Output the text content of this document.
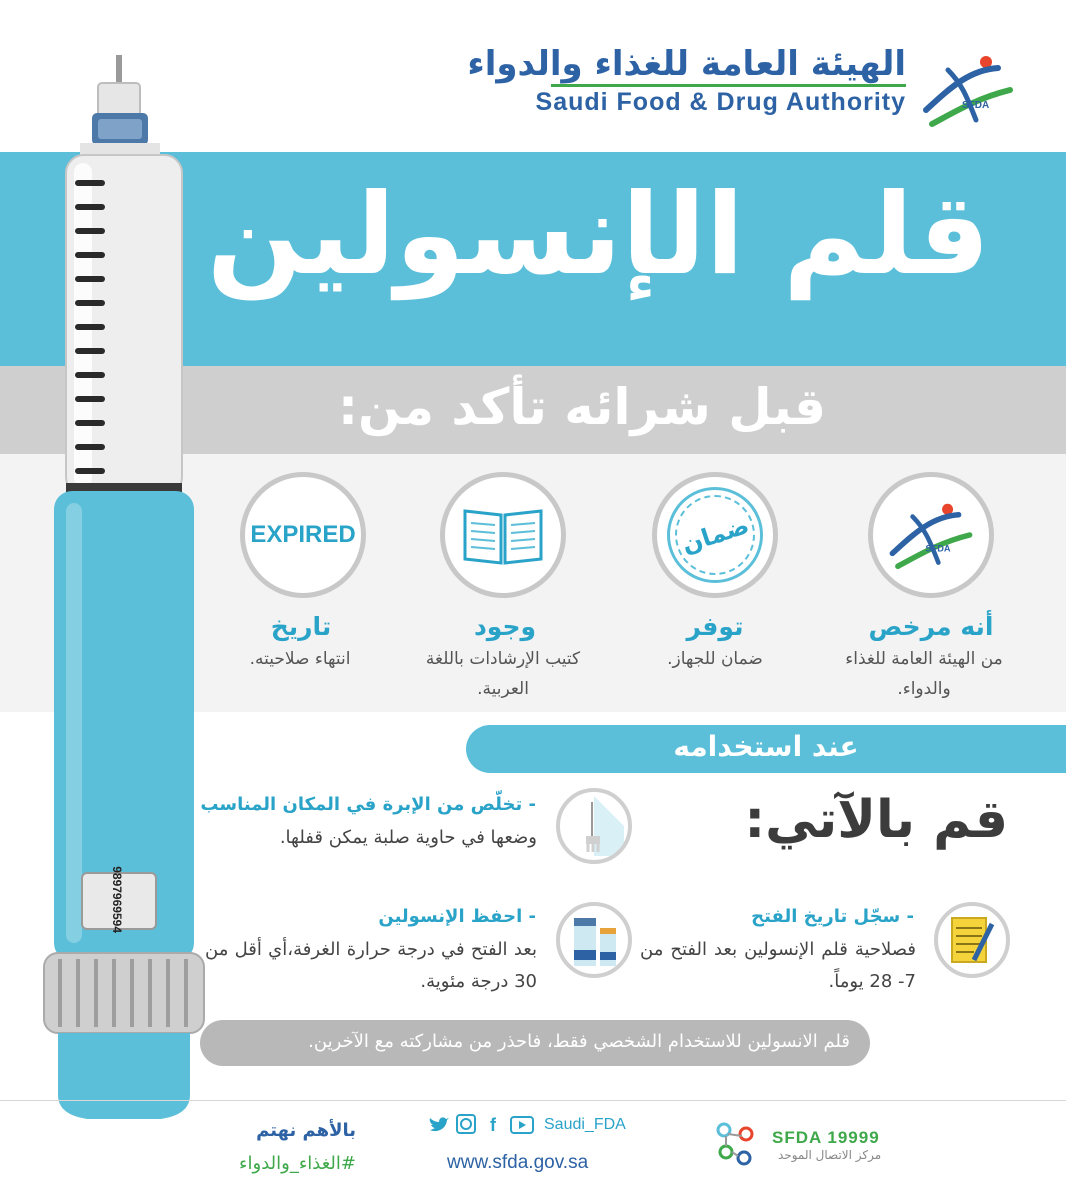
الهيئة العامة للغذاء والدواء
Saudi Food & Drug Authority	SFDA
قلم الإنسولين
قبل شرائه تأكد من:
94
95
96
97
98
SFDA
ضمان
EXPIRED
أنه مرخص
من الهيئة العامة للغذاء والدواء.
توفر
ضمان للجهاز.
وجود
كتيب الإرشادات باللغة العربية.
تاريخ
انتهاء صلاحيته.
عند استخدامه
قم بالآتي:
- تخلّص من الإبرة في المكان المناسب
وضعها في حاوية صلبة يمكن قفلها.
- احفظ الإنسولين
بعد الفتح في درجة حرارة الغرفة،أي أقل من 30 درجة مئوية.
- سجّل تاريخ الفتح
فصلاحية قلم الإنسولين بعد الفتح من 7- 28 يوماً.
قلم الانسولين للاستخدام الشخصي فقط، فاحذر من مشاركته مع الآخرين.
بالأهم نهتم
#الغذاء_والدواء
f	Saudi_FDA
www.sfda.gov.sa
SFDA 19999
مركز الاتصال الموحد
